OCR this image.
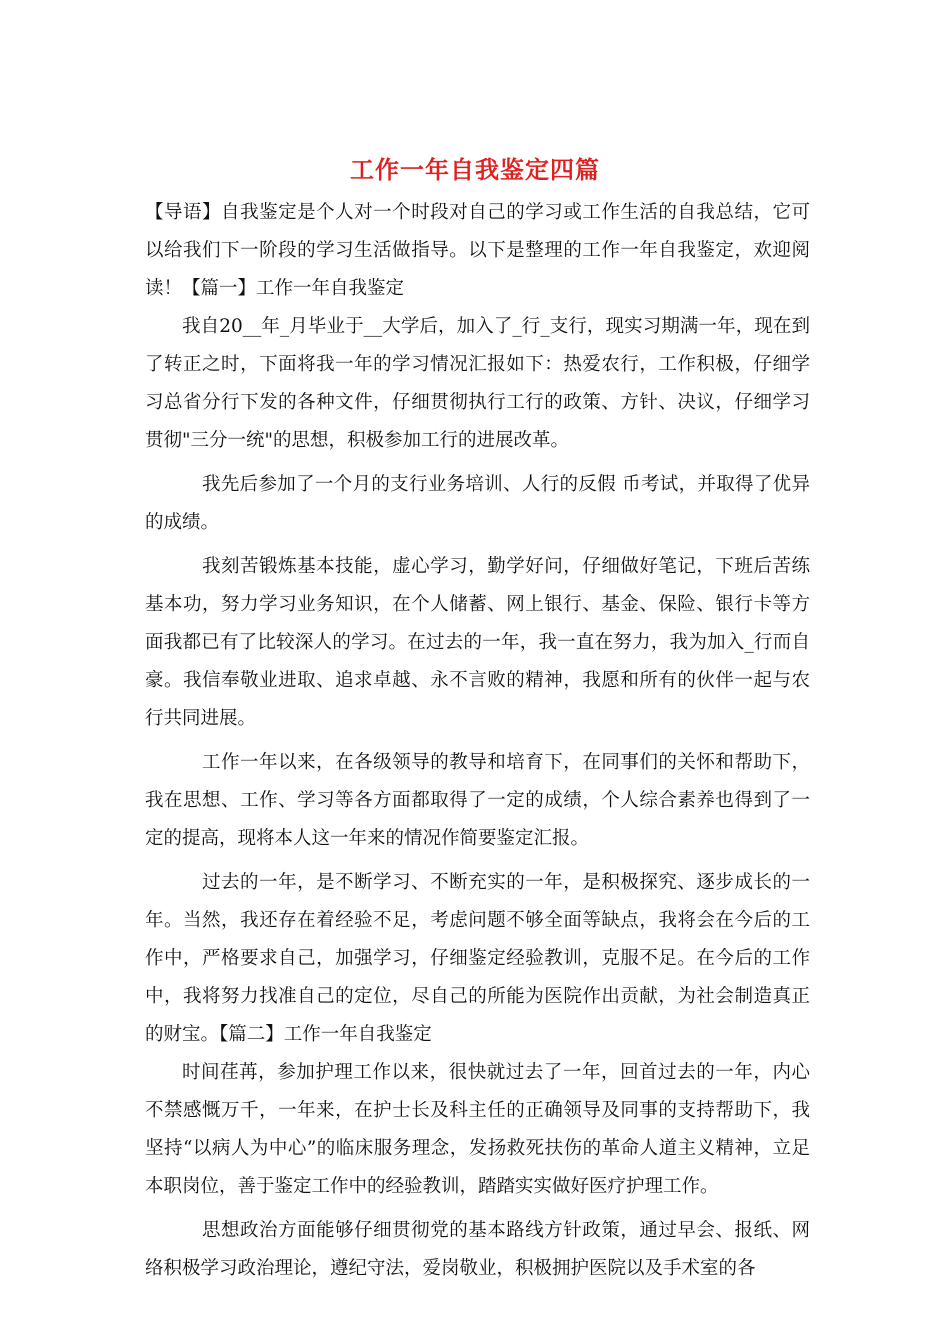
工作一年自我鉴定四篇

【导语】自我鉴定是个人对一个时段对自己的学习或工作生活的自我总结，它可以给我们下一阶段的学习生活做指导。以下是整理的工作一年自我鉴定，欢迎阅读！【篇一】工作一年自我鉴定

我自20__年_月毕业于__大学后，加入了_行_支行，现实习期满一年，现在到了转正之时，下面将我一年的学习情况汇报如下：热爱农行，工作积极，仔细学习总省分行下发的各种文件，仔细贯彻执行工行的政策、方针、决议，仔细学习贯彻"三分一统"的思想，积极参加工行的进展改革。

我先后参加了一个月的支行业务培训、人行的反假 币考试，并取得了优异的成绩。

我刻苦锻炼基本技能，虚心学习，勤学好问，仔细做好笔记，下班后苦练基本功，努力学习业务知识，在个人储蓄、网上银行、基金、保险、银行卡等方面我都已有了比较深人的学习。在过去的一年，我一直在努力，我为加入_行而自豪。我信奉敬业进取、追求卓越、永不言败的精神，我愿和所有的伙伴一起与农行共同进展。

工作一年以来，在各级领导的教导和培育下，在同事们的关怀和帮助下，我在思想、工作、学习等各方面都取得了一定的成绩，个人综合素养也得到了一定的提高，现将本人这一年来的情况作简要鉴定汇报。

过去的一年，是不断学习、不断充实的一年，是积极探究、逐步成长的一年。当然，我还存在着经验不足，考虑问题不够全面等缺点，我将会在今后的工作中，严格要求自己，加强学习，仔细鉴定经验教训，克服不足。在今后的工作中，我将努力找准自己的定位，尽自己的所能为医院作出贡献，为社会制造真正的财宝。【篇二】工作一年自我鉴定

时间荏苒，参加护理工作以来，很快就过去了一年，回首过去的一年，内心不禁感慨万千，一年来，在护士长及科主任的正确领导及同事的支持帮助下，我坚持“以病人为中心”的临床服务理念，发扬救死扶伤的革命人道主义精神，立足本职岗位，善于鉴定工作中的经验教训，踏踏实实做好医疗护理工作。

思想政治方面能够仔细贯彻党的基本路线方针政策，通过早会、报纸、网络积极学习政治理论，遵纪守法，爱岗敬业，积极拥护医院以及手术室的各
